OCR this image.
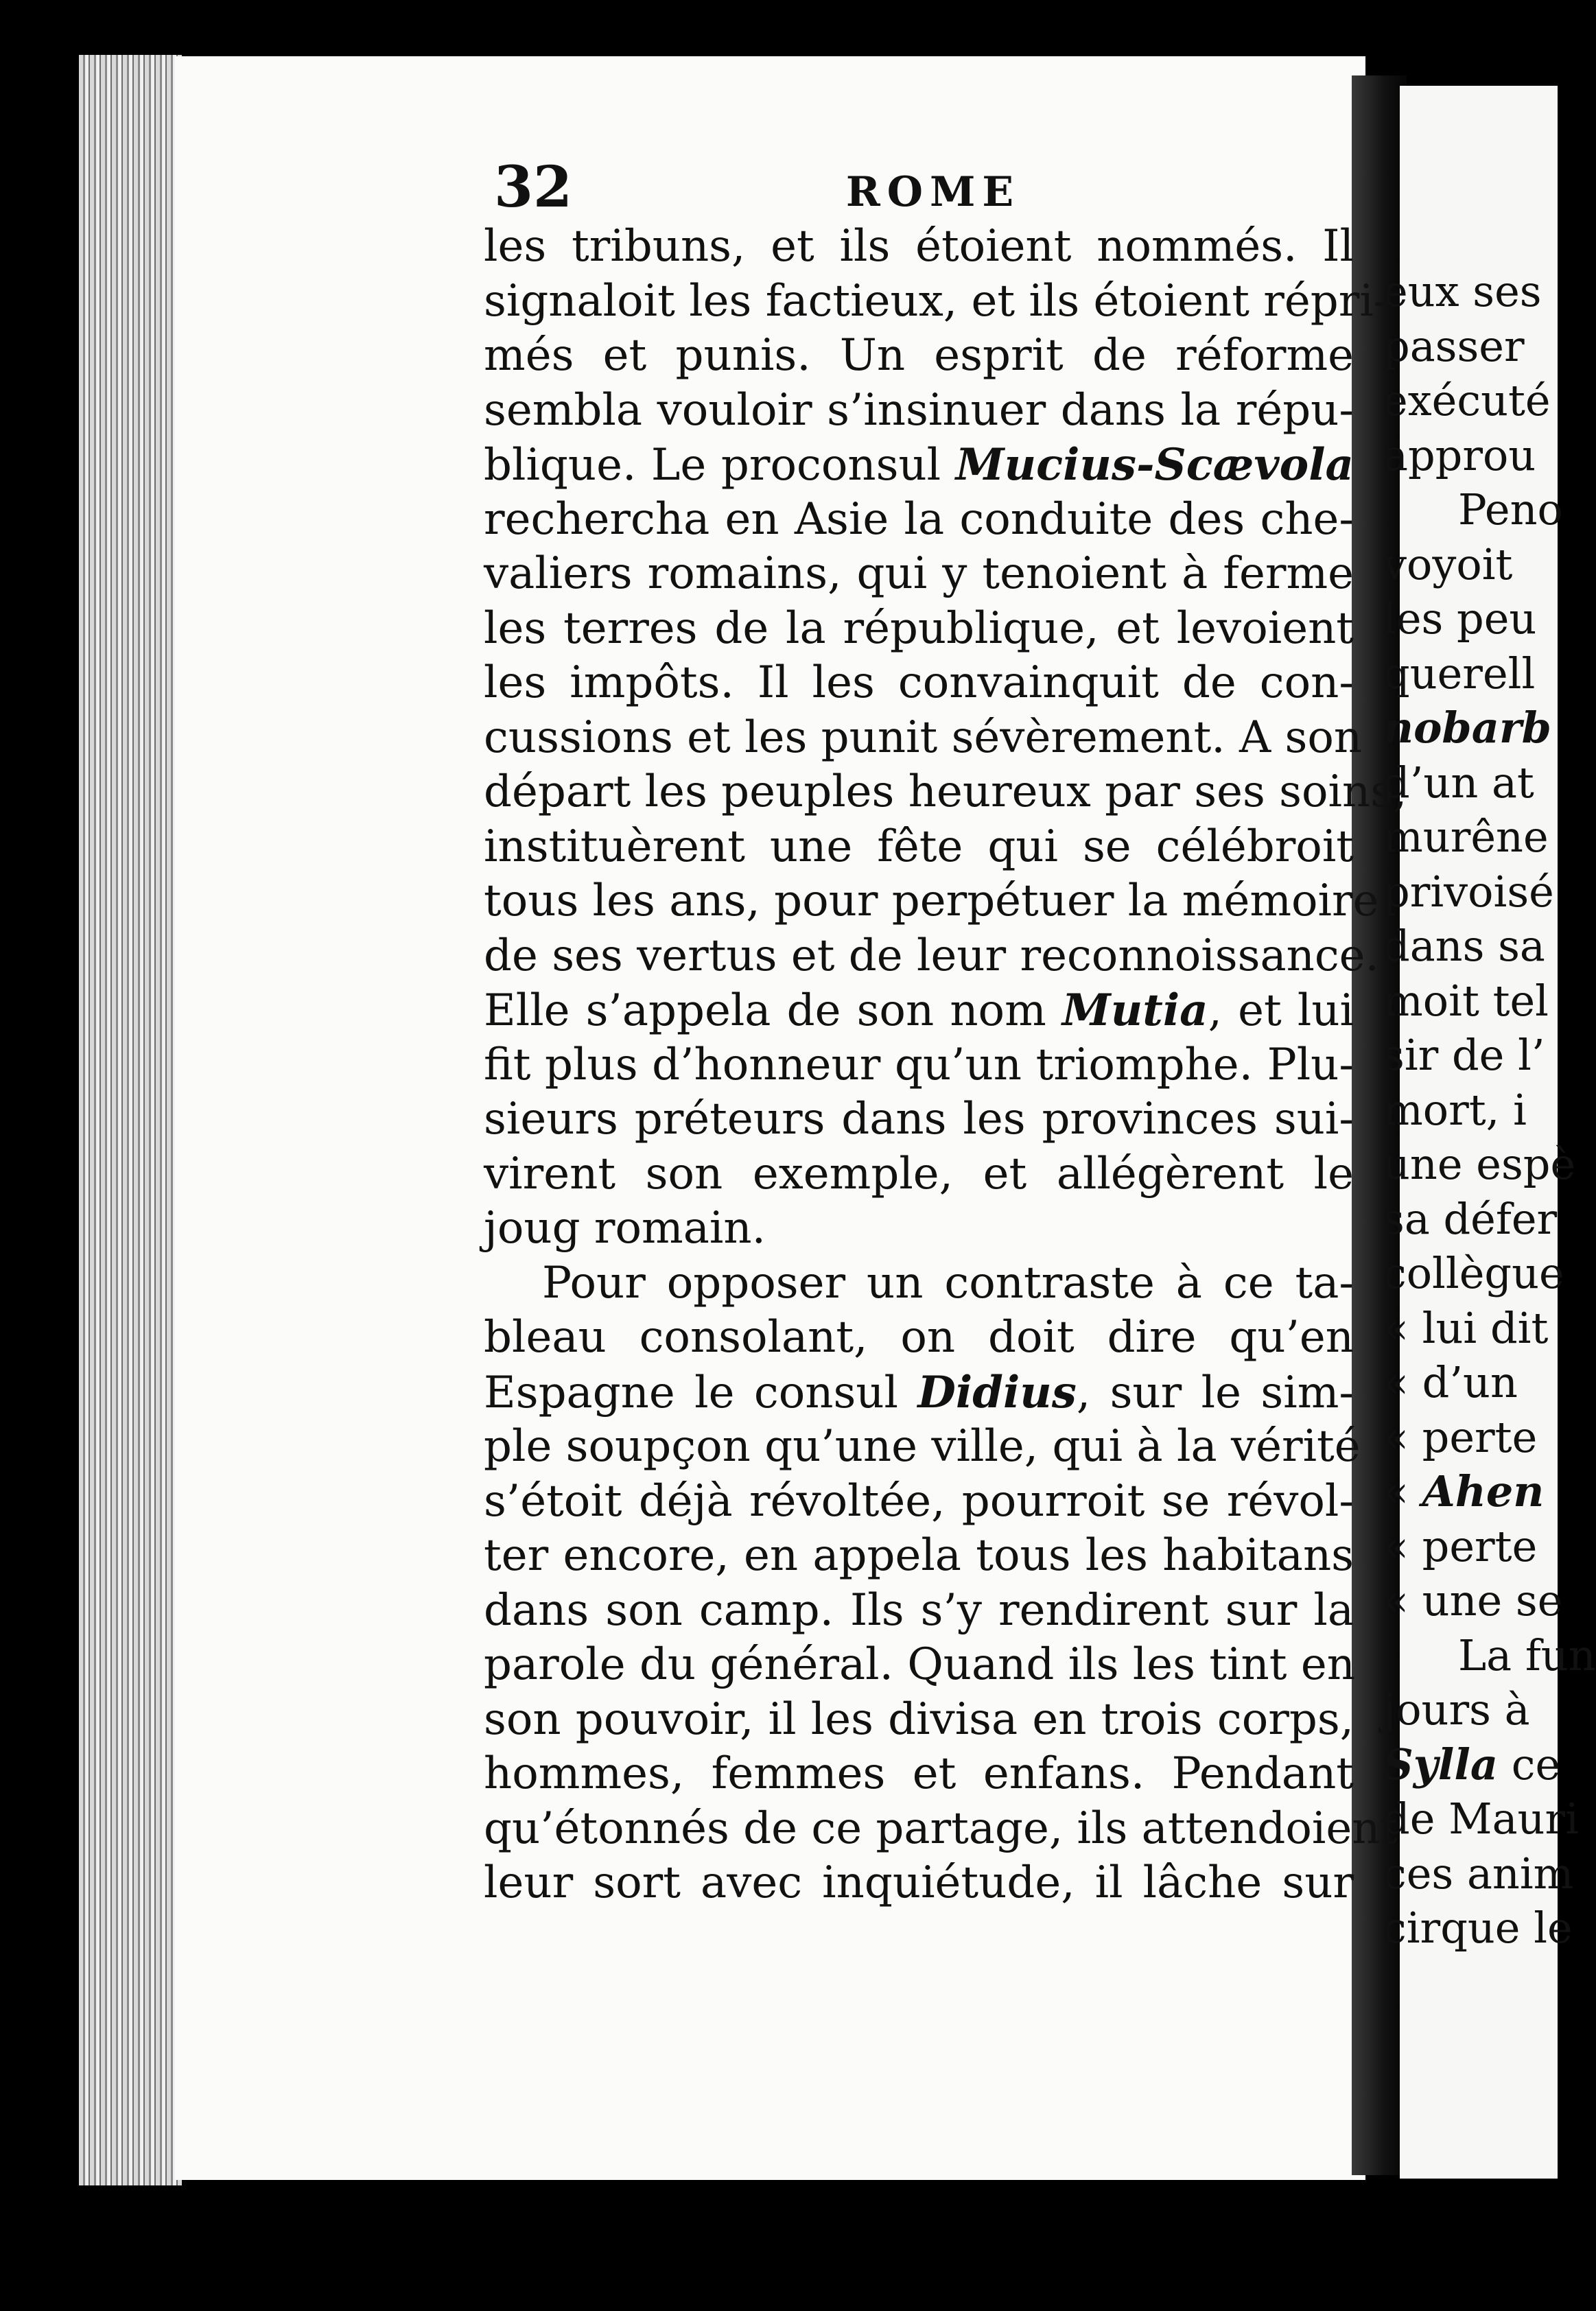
32	ROME
les tribuns, et ils étoient nommés. Il
signaloit les factieux, et ils étoient répri-
més et punis. Un esprit de réforme
sembla vouloir s’insinuer dans la répu-
blique. Le proconsul Mucius-Scævola
rechercha en Asie la conduite des che-
valiers romains, qui y tenoient à ferme
les terres de la république, et levoient
les impôts. Il les convainquit de con-
cussions et les punit sévèrement. A son
départ les peuples heureux par ses soins,
instituèrent une fête qui se célébroit
tous les ans, pour perpétuer la mémoire
de ses vertus et de leur reconnoissance.
Elle s’appela de son nom Mutia, et lui
fit plus d’honneur qu’un triomphe. Plu-
sieurs préteurs dans les provinces sui-
virent son exemple, et allégèrent le
joug romain.
Pour opposer un contraste à ce ta-
bleau consolant, on doit dire qu’en
Espagne le consul Didius, sur le sim-
ple soupçon qu’une ville, qui à la vérité
s’étoit déjà révoltée, pourroit se révol-
ter encore, en appela tous les habitans
dans son camp. Ils s’y rendirent sur la
parole du général. Quand ils les tint en
son pouvoir, il les divisa en trois corps,
hommes, femmes et enfans. Pendant
qu’étonnés de ce partage, ils attendoient
leur sort avec inquiétude, il lâche sur
eux ses
passer
exécuté
approu
Peno
voyoit
les peu
querell
nobarb
d’un at
murêne
privoisé
dans sa
moit tel
sir de l’
mort, i
une espè
sa défer
collègue
« lui dit
« d’un
« perte
« Ahen
« perte
« une se
La fun
jours à
Sylla ce
de Mauri
ces anim
cirque le
